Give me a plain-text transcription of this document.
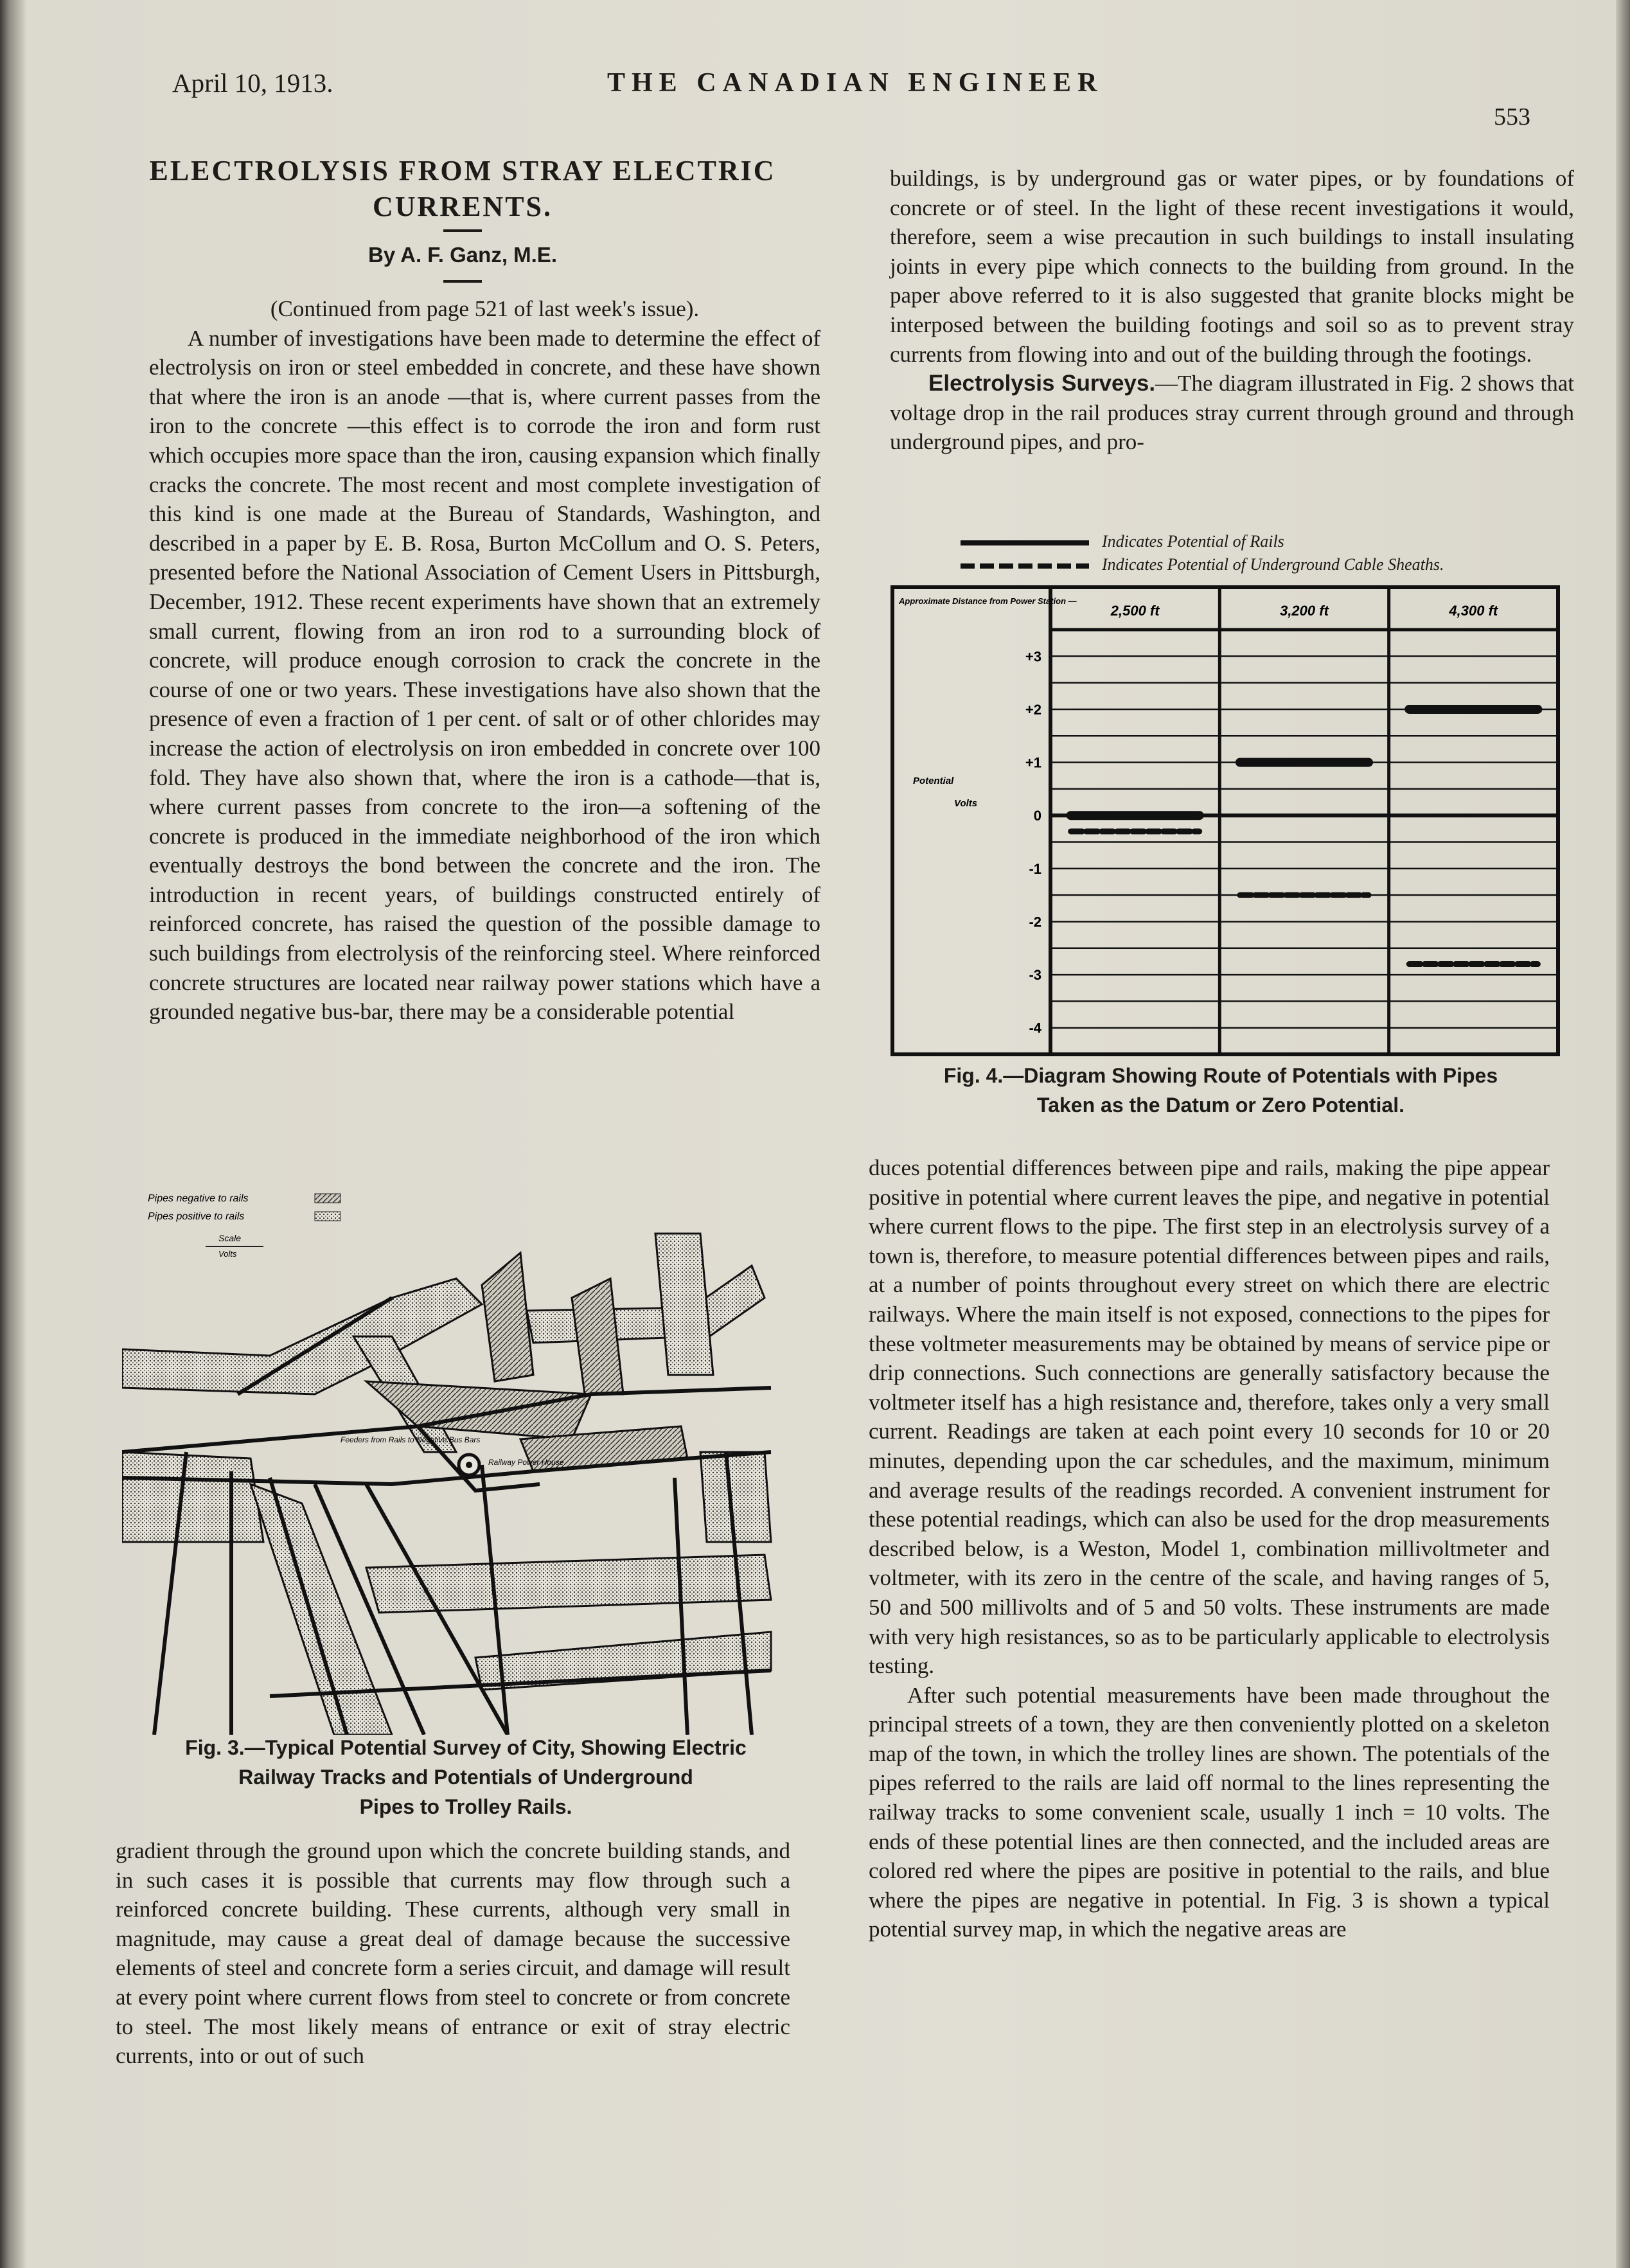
April 10, 1913.	THE CANADIAN ENGINEER
553
ELECTROLYSIS FROM STRAY ELECTRIC
CURRENTS.
By A. F. Ganz, M.E.

(Continued from page 521 of last week's issue).

A number of investigations have been made to determine the effect of electrolysis on iron or steel embedded in concrete, and these have shown that where the iron is an anode —that is, where current passes from the iron to the concrete —this effect is to corrode the iron and form rust which occupies more space than the iron, causing expansion which finally cracks the concrete. The most recent and most complete investigation of this kind is one made at the Bureau of Standards, Washington, and described in a paper by E. B. Rosa, Burton McCollum and O. S. Peters, presented before the National Association of Cement Users in Pittsburgh, December, 1912. These recent experiments have shown that an extremely small current, flowing from an iron rod to a surrounding block of concrete, will produce enough corrosion to crack the concrete in the course of one or two years. These investigations have also shown that the presence of even a fraction of 1 per cent. of salt or of other chlorides may increase the action of electrolysis on iron embedded in concrete over 100 fold. They have also shown that, where the iron is a cathode—that is, where current passes from concrete to the iron—a softening of the concrete is produced in the immediate neighborhood of the iron which eventually destroys the bond between the concrete and the iron. The introduction in recent years, of buildings constructed entirely of reinforced concrete, has raised the question of the possible damage to such buildings from electrolysis of the reinforcing steel. Where reinforced concrete structures are located near railway power stations which have a grounded negative bus-bar, there may be a considerable potential

Pipes negative to rails
Pipes positive to rails
Scale
Volts
Railway Power House
Feeders from Rails to Negative Bus Bars
Fig. 3.—Typical Potential Survey of City, Showing Electric
Railway Tracks and Potentials of Underground
Pipes to Trolley Rails.

gradient through the ground upon which the concrete building stands, and in such cases it is possible that currents may flow through such a reinforced concrete building. These currents, although very small in magnitude, may cause a great deal of damage because the successive elements of steel and concrete form a series circuit, and damage will result at every point where current flows from steel to concrete or from concrete to steel. The most likely means of entrance or exit of stray electric currents, into or out of such

buildings, is by underground gas or water pipes, or by foundations of concrete or of steel. In the light of these recent investigations it would, therefore, seem a wise precaution in such buildings to install insulating joints in every pipe which connects to the building from ground. In the paper above referred to it is also suggested that granite blocks might be interposed between the building footings and soil so as to prevent stray currents from flowing into and out of the building through the footings.

Electrolysis Surveys.—The diagram illustrated in Fig. 2 shows that voltage drop in the rail produces stray current through ground and through underground pipes, and pro-

Indicates Potential of Rails
Indicates Potential of Underground Cable Sheaths.
Approximate Distance from Power Station —
Potential
Volts
2,500 ft	3,200 ft	4,300 ft
+3
+2
+1
0
-1
-2
-3
-4
Fig. 4.—Diagram Showing Route of Potentials with Pipes
Taken as the Datum or Zero Potential.

duces potential differences between pipe and rails, making the pipe appear positive in potential where current leaves the pipe, and negative in potential where current flows to the pipe. The first step in an electrolysis survey of a town is, therefore, to measure potential differences between pipes and rails, at a number of points throughout every street on which there are electric railways. Where the main itself is not exposed, connections to the pipes for these voltmeter measurements may be obtained by means of service pipe or drip connections. Such connections are generally satisfactory because the voltmeter itself has a high resistance and, therefore, takes only a very small current. Readings are taken at each point every 10 seconds for 10 or 20 minutes, depending upon the car schedules, and the maximum, minimum and average results of the readings recorded. A convenient instrument for these potential readings, which can also be used for the drop measurements described below, is a Weston, Model 1, combination millivoltmeter and voltmeter, with its zero in the centre of the scale, and having ranges of 5, 50 and 500 millivolts and of 5 and 50 volts. These instruments are made with very high resistances, so as to be particularly applicable to electrolysis testing.

After such potential measurements have been made throughout the principal streets of a town, they are then conveniently plotted on a skeleton map of the town, in which the trolley lines are shown. The potentials of the pipes referred to the rails are laid off normal to the lines representing the railway tracks to some convenient scale, usually 1 inch = 10 volts. The ends of these potential lines are then connected, and the included areas are colored red where the pipes are positive in potential to the rails, and blue where the pipes are negative in potential. In Fig. 3 is shown a typical potential survey map, in which the negative areas are
